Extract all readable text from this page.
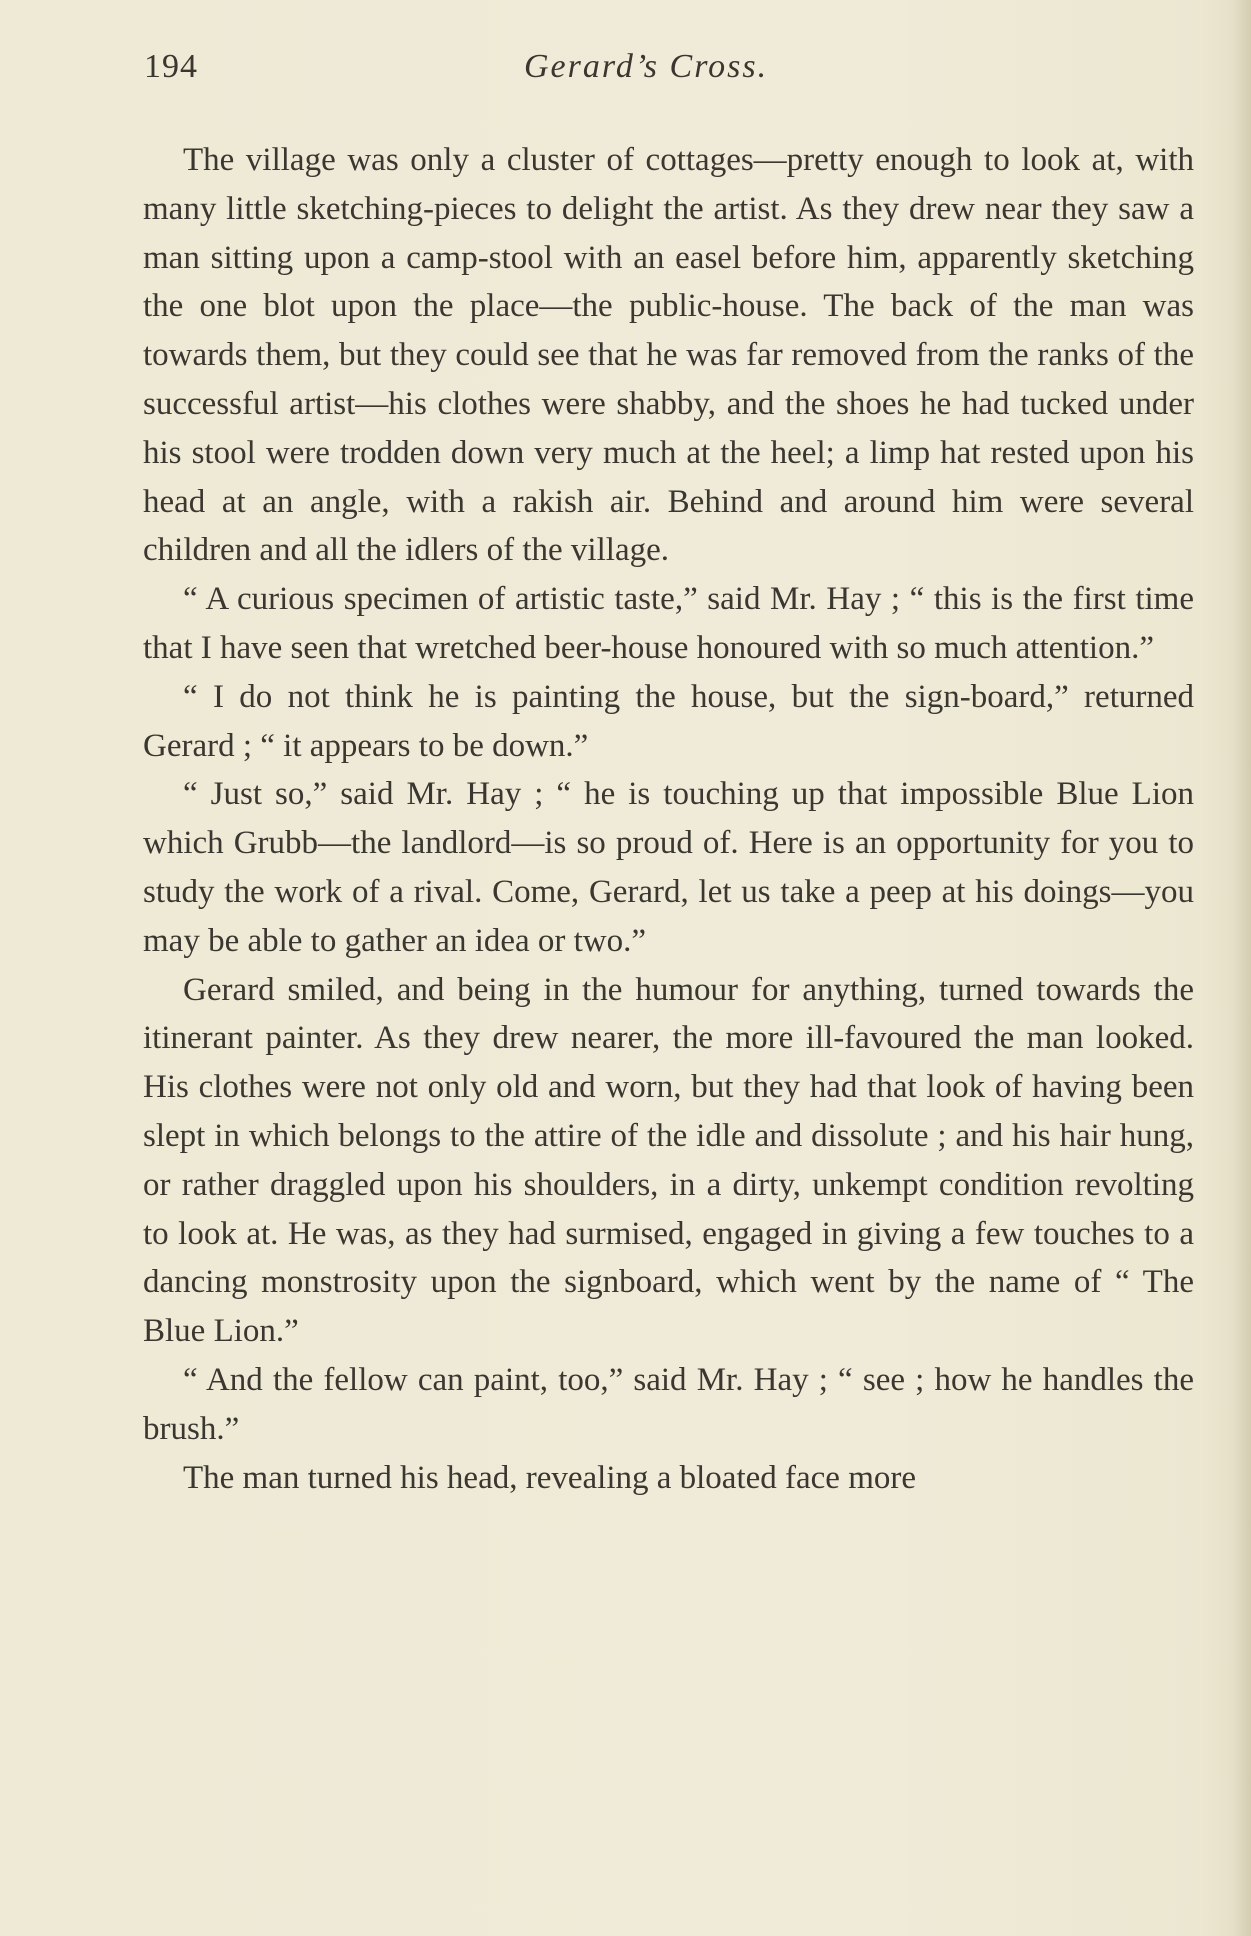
194	Gerard’s Cross.

The village was only a cluster of cottages—pretty enough to look at, with many little sketching-pieces to delight the artist. As they drew near they saw a man sitting upon a camp-stool with an easel before him, apparently sketching the one blot upon the place—the public-house. The back of the man was towards them, but they could see that he was far removed from the ranks of the successful artist—his clothes were shabby, and the shoes he had tucked under his stool were trodden down very much at the heel; a limp hat rested upon his head at an angle, with a rakish air. Behind and around him were several children and all the idlers of the village.

“ A curious specimen of artistic taste,” said Mr. Hay ; “ this is the first time that I have seen that wretched beer-house honoured with so much attention.”

“ I do not think he is painting the house, but the sign-board,” returned Gerard ; “ it appears to be down.”

“ Just so,” said Mr. Hay ; “ he is touching up that impossible Blue Lion which Grubb—the landlord—is so proud of. Here is an opportunity for you to study the work of a rival. Come, Gerard, let us take a peep at his doings—you may be able to gather an idea or two.”

Gerard smiled, and being in the humour for anything, turned towards the itinerant painter. As they drew nearer, the more ill-favoured the man looked. His clothes were not only old and worn, but they had that look of having been slept in which belongs to the attire of the idle and dissolute ; and his hair hung, or rather draggled upon his shoulders, in a dirty, unkempt condition revolting to look at. He was, as they had surmised, engaged in giving a few touches to a dancing monstrosity upon the signboard, which went by the name of “ The Blue Lion.”

“ And the fellow can paint, too,” said Mr. Hay ; “ see ; how he handles the brush.”

The man turned his head, revealing a bloated face more
